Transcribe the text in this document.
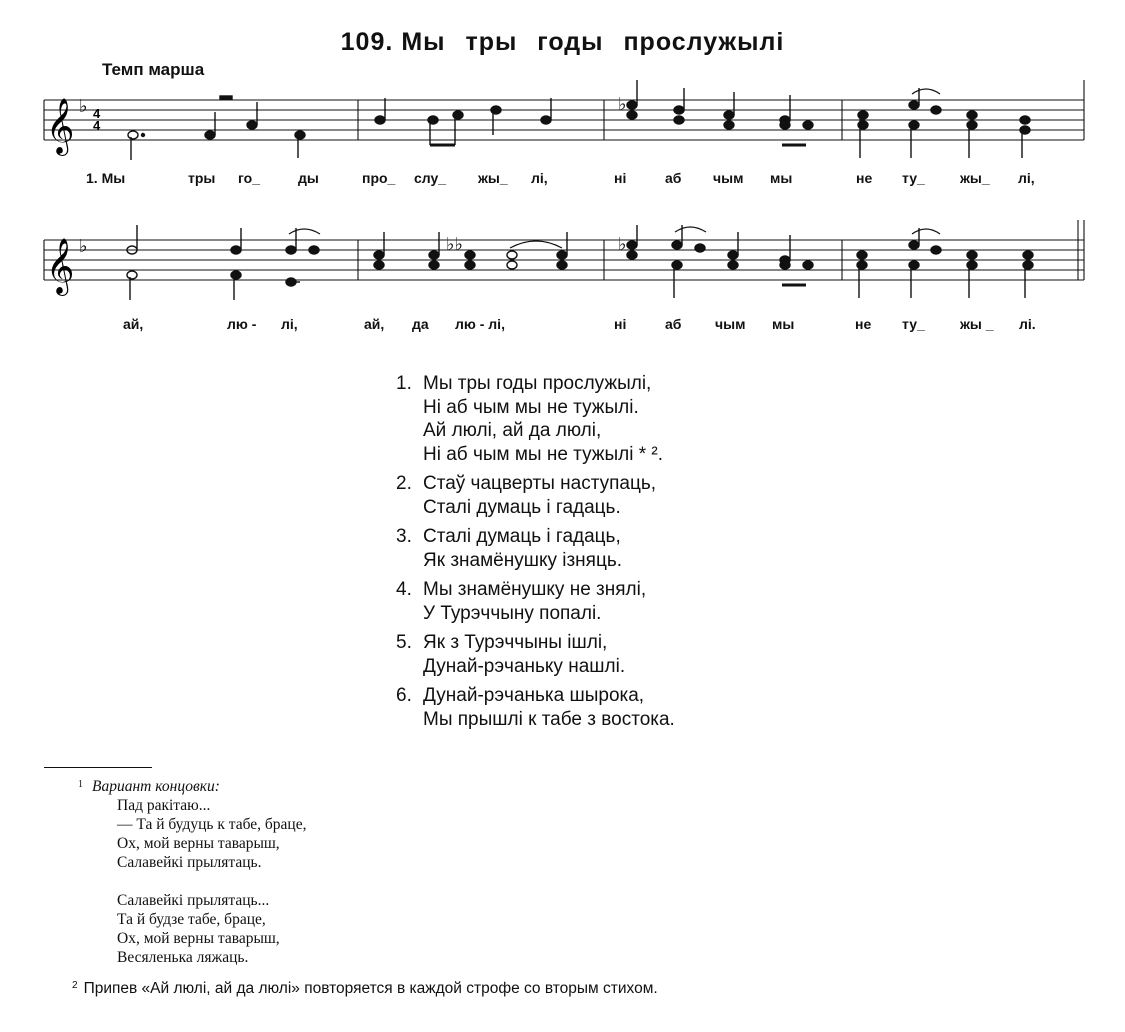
109. Мы тры годы прослужылі
Темп марша
𝄞 ♭ 4
4
♭
1. Мы	тры го_	ды	про_ слу_ жы_ лі,	ні	аб чым мы	не ту_	жы_ лі,
𝄞 ♭	♭♭	♭
ай,	лю - лі,	ай, да лю - лі,	ні	аб чым мы	не ту_	жы _ лі.
1. Мы тры годы прослужылі,
Ні аб чым мы не тужылі.
Ай люлі, ай да люлі,
Ні аб чым мы не тужылі * ².
2. Стаў чацверты наступаць,
Сталі думаць і гадаць.
3. Сталі думаць і гадаць,
Як знамёнушку ізняць.
4. Мы знамёнушку не знялі,
У Турэччыну попалі.
5. Як з Турэччыны ішлі,
Дунай-рэчаньку нашлі.
6. Дунай-рэчанька шырока,
Мы прышлі к табе з востока.
1 Вариант концовки:
Пад ракітаю...
— Та й будуць к табе, браце,
Ох, мой верны таварыш,
Салавейкі прылятаць.
Салавейкі прылятаць...
Та й будзе табе, браце,
Ох, мой верны таварыш,
Весяленька ляжаць.
$^2$ Припев «Ай люлі, ай да люлі» повторяется в каждой строфе со вторым стихом.
